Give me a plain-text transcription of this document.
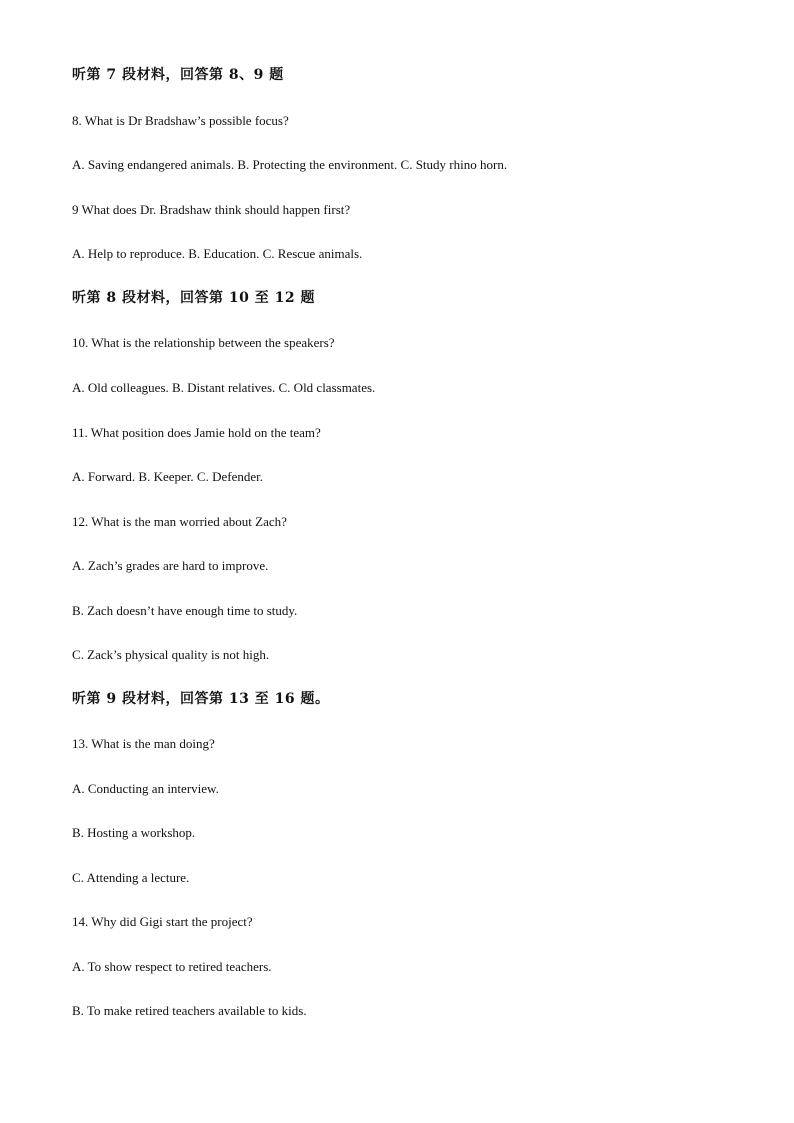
听第 7 段材料，回答第 8、9 题
8. What is Dr Bradshaw’s possible focus?
A. Saving endangered animals. B. Protecting the environment. C. Study rhino horn.
9 What does Dr. Bradshaw think should happen first?
A. Help to reproduce. B. Education. C. Rescue animals.
听第 8 段材料，回答第 10 至 12 题
10. What is the relationship between the speakers?
A. Old colleagues. B. Distant relatives. C. Old classmates.
11. What position does Jamie hold on the team?
A. Forward. B. Keeper. C. Defender.
12. What is the man worried about Zach?
A. Zach’s grades are hard to improve.
B. Zach doesn’t have enough time to study.
C. Zack’s physical quality is not high.
听第 9 段材料，回答第 13 至 16 题。
13. What is the man doing?
A. Conducting an interview.
B. Hosting a workshop.
C. Attending a lecture.
14. Why did Gigi start the project?
A. To show respect to retired teachers.
B. To make retired teachers available to kids.
